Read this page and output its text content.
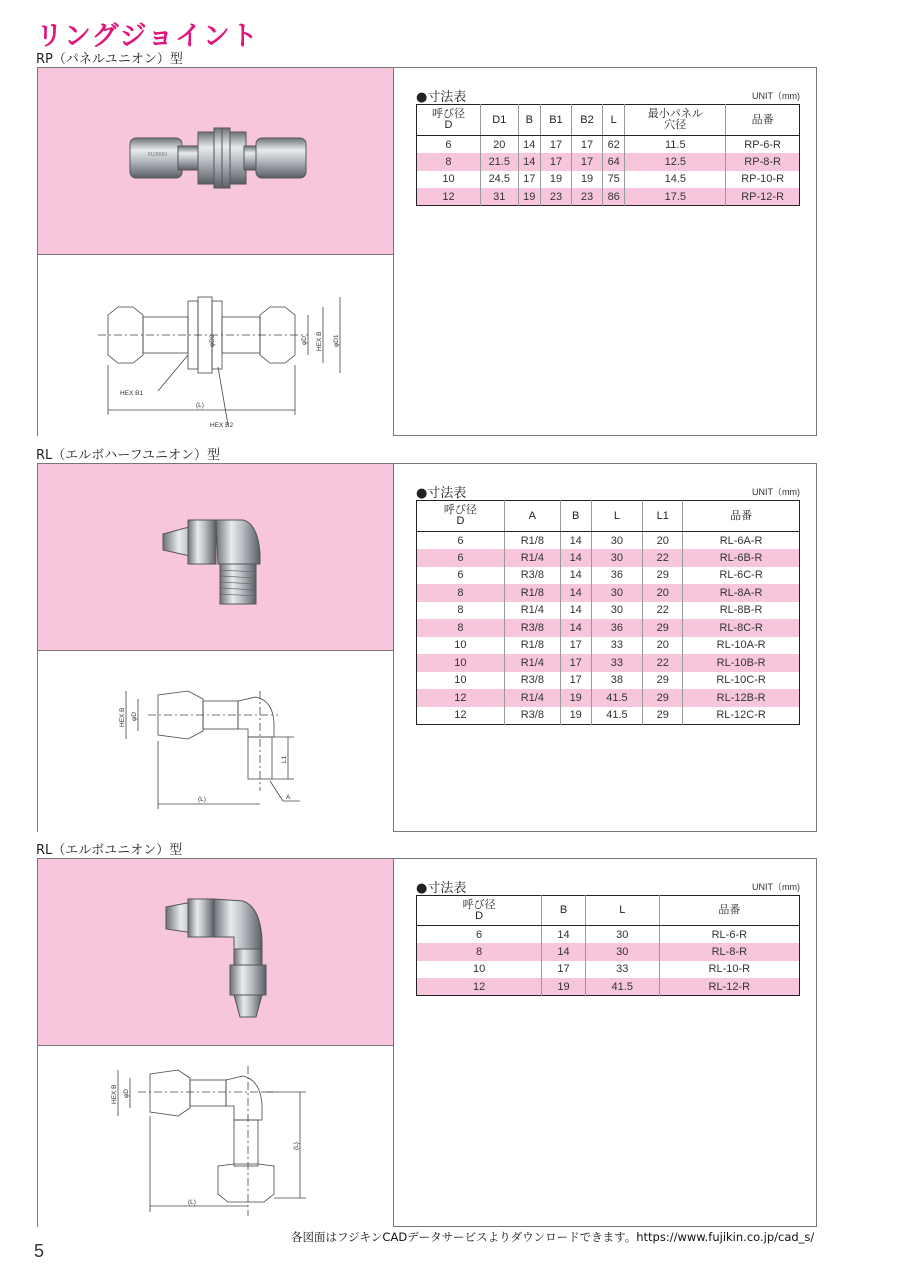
リングジョイント
RP（パネルユニオン）型
FUJIKIN
HEX B1
HEX B2
(L)
φD2	φD HEX B φD1
●寸法表	UNIT（mm)
呼び径
D	D1	B	B1	B2	L	最小パネル
穴径	品番
6	20	14	17	17	62	11.5	RP-6-R
8	21.5	14	17	17	64	12.5	RP-8-R
10	24.5	17	19	19	75	14.5	RP-10-R
12	31	19	23	23	86	17.5	RP-12-R
RL（エルボハーフユニオン）型
HEX B φD
L1
(L)	A
●寸法表	UNIT（mm)
呼び径
D	A	B	L	L1	品番
6	R1/8	14	30	20	RL-6A-R
6	R1/4	14	30	22	RL-6B-R
6	R3/8	14	36	29	RL-6C-R
8	R1/8	14	30	20	RL-8A-R
8	R1/4	14	30	22	RL-8B-R
8	R3/8	14	36	29	RL-8C-R
10	R1/8	17	33	20	RL-10A-R
10	R1/4	17	33	22	RL-10B-R
10	R3/8	17	38	29	RL-10C-R
12	R1/4	19	41.5	29	RL-12B-R
12	R3/8	19	41.5	29	RL-12C-R
RL（エルボユニオン）型
HEX B φD
(L)
(L)
●寸法表	UNIT（mm)
呼び径
D	B	L	品番
6	14	30	RL-6-R
8	14	30	RL-8-R
10	17	33	RL-10-R
12	19	41.5	RL-12-R
各図面はフジキンCADデータサービスよりダウンロードできます。https://www.fujikin.co.jp/cad_s/
5
